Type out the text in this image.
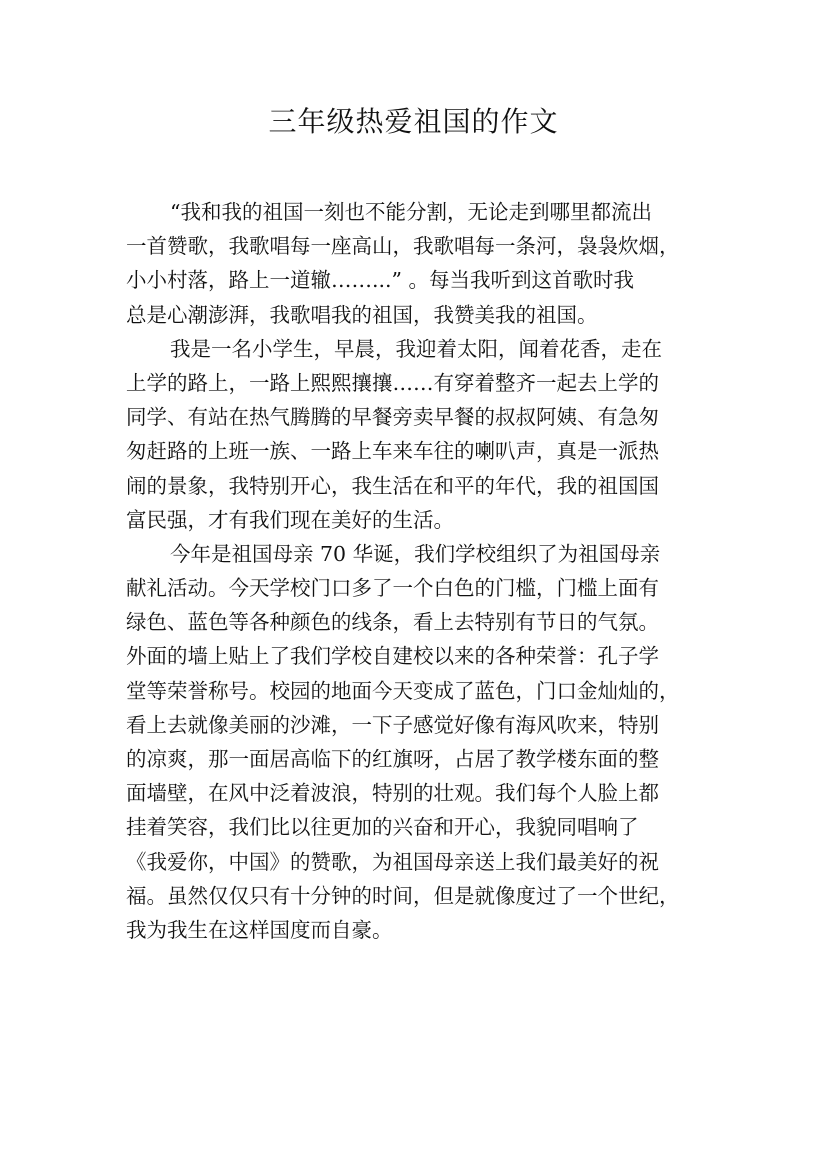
三年级热爱祖国的作文
“我和我的祖国一刻也不能分割，无论走到哪里都流出
一首赞歌，我歌唱每一座高山，我歌唱每一条河，袅袅炊烟，
小小村落，路上一道辙……...” 。每当我听到这首歌时我
总是心潮澎湃，我歌唱我的祖国，我赞美我的祖国。
我是一名小学生，早晨，我迎着太阳，闻着花香，走在
上学的路上，一路上熙熙攘攘……有穿着整齐一起去上学的
同学、有站在热气腾腾的早餐旁卖早餐的叔叔阿姨、有急匆
匆赶路的上班一族、一路上车来车往的喇叭声，真是一派热
闹的景象，我特别开心，我生活在和平的年代，我的祖国国
富民强，才有我们现在美好的生活。
今年是祖国母亲 70 华诞，我们学校组织了为祖国母亲
献礼活动。今天学校门口多了一个白色的门槛，门槛上面有
绿色、蓝色等各种颜色的线条，看上去特别有节日的气氛。
外面的墙上贴上了我们学校自建校以来的各种荣誉：孔子学
堂等荣誉称号。校园的地面今天变成了蓝色，门口金灿灿的，
看上去就像美丽的沙滩，一下子感觉好像有海风吹来，特别
的凉爽，那一面居高临下的红旗呀，占居了教学楼东面的整
面墙壁，在风中泛着波浪，特别的壮观。我们每个人脸上都
挂着笑容，我们比以往更加的兴奋和开心，我貌同唱响了
《我爱你，中国》的赞歌，为祖国母亲送上我们最美好的祝
福。虽然仅仅只有十分钟的时间，但是就像度过了一个世纪，
我为我生在这样国度而自豪。
